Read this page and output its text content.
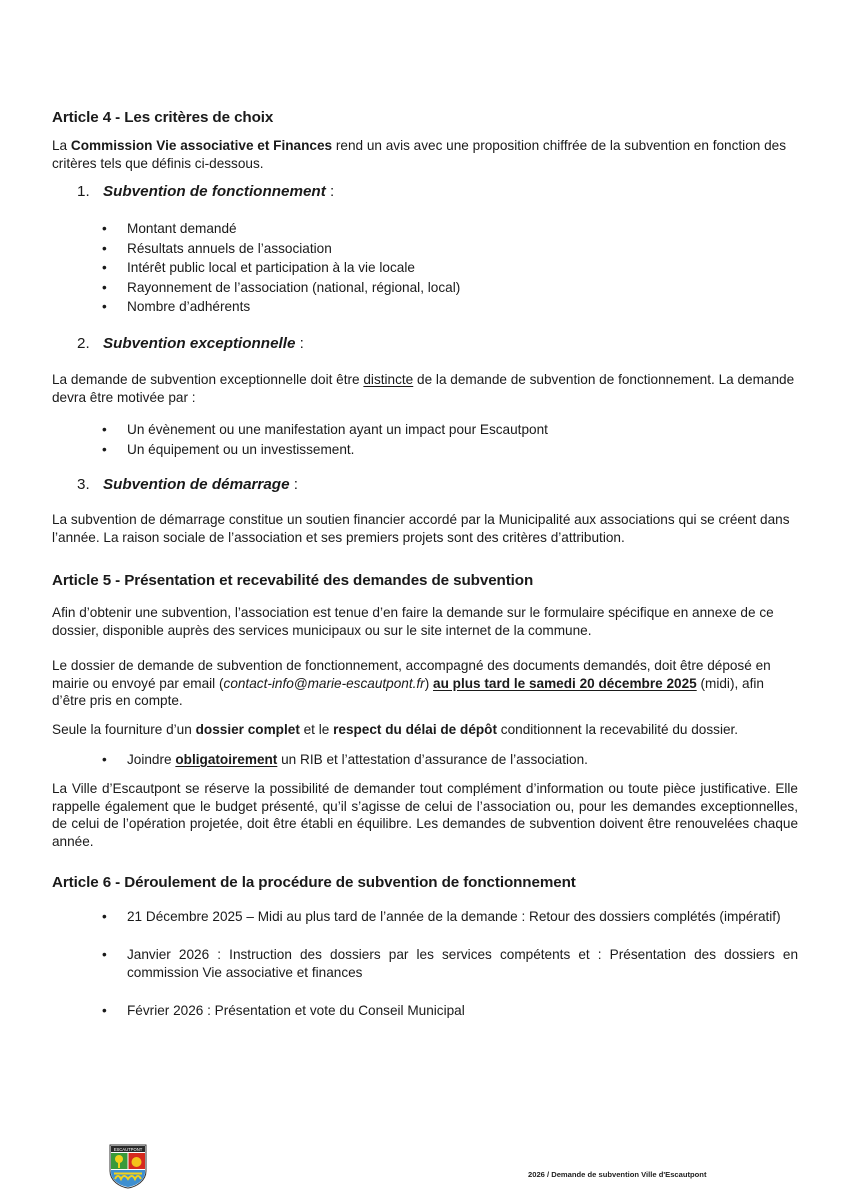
Article 4 - Les critères de choix

La Commission Vie associative et Finances rend un avis avec une proposition chiffrée de la subvention en fonction des critères tels que définis ci-dessous.

1. Subvention de fonctionnement :
• Montant demandé
• Résultats annuels de l’association
• Intérêt public local et participation à la vie locale
• Rayonnement de l’association (national, régional, local)
• Nombre d’adhérents
2. Subvention exceptionnelle :

La demande de subvention exceptionnelle doit être distincte de la demande de subvention de fonctionnement. La demande devra être motivée par :

• Un évènement ou une manifestation ayant un impact pour Escautpont
• Un équipement ou un investissement.
3. Subvention de démarrage :

La subvention de démarrage constitue un soutien financier accordé par la Municipalité aux associations qui se créent dans l’année. La raison sociale de l’association et ses premiers projets sont des critères d’attribution.

Article 5 - Présentation et recevabilité des demandes de subvention

Afin d’obtenir une subvention, l’association est tenue d’en faire la demande sur le formulaire spécifique en annexe de ce dossier, disponible auprès des services municipaux ou sur le site internet de la commune.

Le dossier de demande de subvention de fonctionnement, accompagné des documents demandés, doit être déposé en mairie ou envoyé par email (contact-info@marie-escautpont.fr) au plus tard le samedi 20 décembre 2025 (midi), afin d’être pris en compte.

Seule la fourniture d’un dossier complet et le respect du délai de dépôt conditionnent la recevabilité du dossier.

• Joindre obligatoirement un RIB et l’attestation d’assurance de l’association.

La Ville d’Escautpont se réserve la possibilité de demander tout complément d’information ou toute pièce justificative. Elle rappelle également que le budget présenté, qu’il s’agisse de celui de l’association ou, pour les demandes exceptionnelles, de celui de l’opération projetée, doit être établi en équilibre. Les demandes de subvention doivent être renouvelées chaque année.

Article 6 - Déroulement de la procédure de subvention de fonctionnement
• 21 Décembre 2025 – Midi au plus tard de l’année de la demande : Retour des dossiers complétés (impératif)
• Janvier 2026 : Instruction des dossiers par les services compétents et : Présentation des dossiers en commission Vie associative et finances
• Février 2026 : Présentation et vote du Conseil Municipal
ESCAUTPONT
2026 / Demande de subvention Ville d'Escautpont
